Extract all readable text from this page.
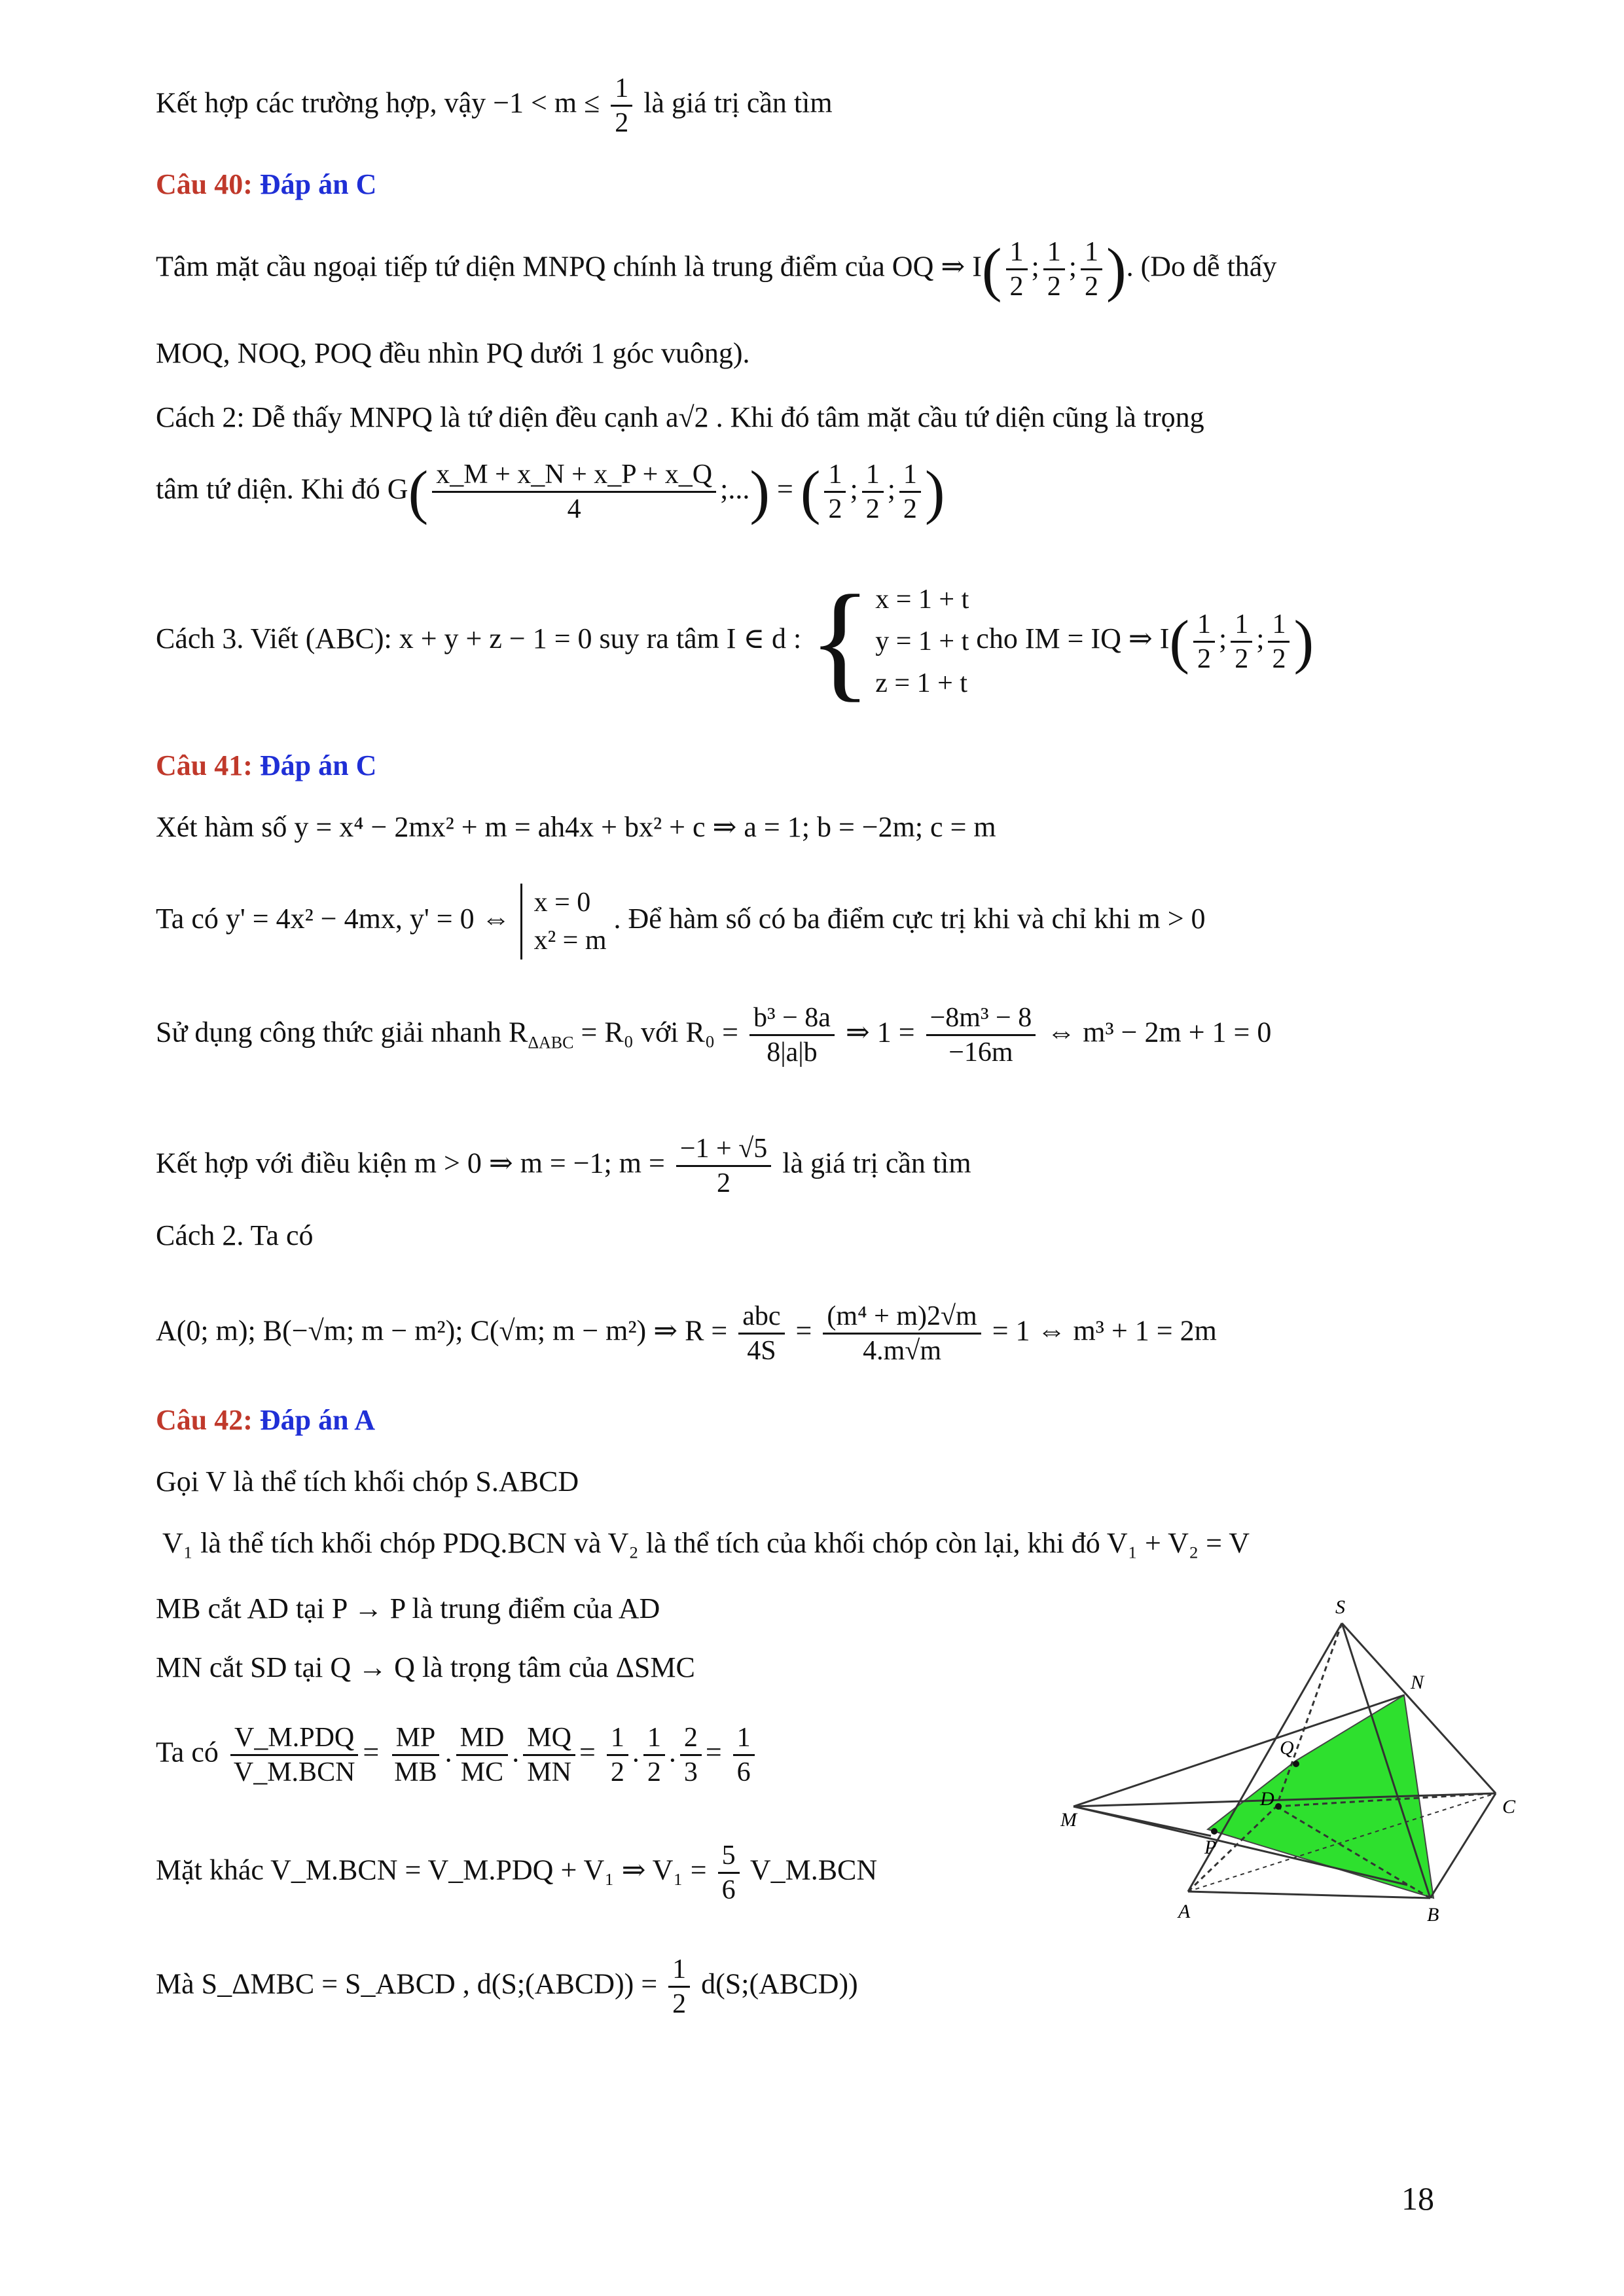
Kết hợp các trường hợp, vậy $-1 < m \le \frac{1}{2}$ là giá trị cần tìm
Câu 40: Đáp án C
Tâm mặt cầu ngoại tiếp tứ diện MNPQ chính là trung điểm của OQ ⇒ $I( \frac{1}{2}$ ; $\frac{1}{2}$ ; $\frac{1}{2}$ ). (Do dễ thấy
MOQ, NOQ, POQ đều nhìn PQ dưới 1 góc vuông).
Cách 2: Dễ thấy MNPQ là tứ diện đều cạnh a√2 . Khi đó tâm mặt cầu tứ diện cũng là trọng
tâm tứ diện. Khi đó $G( \frac{x\_M + x\_N + x\_P + x\_Q}{4}$ ;...) = ( $\frac{1}{2}$ ; $\frac{1}{2}$ ; $\frac{1}{2}$ )
Cách 3. Viết (ABC): x + y + z − 1 = 0 suy ra tâm I ∈ d : { x = 1 + t
y = 1 + t
z = 1 + t
cho IM = IQ ⇒ $I( \frac{1}{2}$ ; $\frac{1}{2}$ ; $\frac{1}{2}$ )
Câu 41: Đáp án C
Xét hàm số y = x⁴ − 2mx² + m = ah4x + bx² + c ⇒ a = 1; b = −2m; c = m
Ta có y' = 4x² − 4mx, y' = 0 ⇔
x = 0
x² = m
. Để hàm số có ba điểm cực trị khi và chỉ khi m > 0
Sử dụng công thức giải nhanh $R_{\Delta ABC} = R_0$ với $R_0 = \frac{\text{b³ − 8a}}{8|a|b}$ ⇒ $1 = \frac{\text{−8m³ − 8}}{-16m}$ ⇔ m³ − 2m + 1 = 0
Kết hợp với điều kiện m > 0 ⇒ m = −1; $m = \frac{-1 + √5}{2}$ là giá trị cần tìm
Cách 2. Ta có
A(0; m); B(−√m; m − m²); C(√m; m − m²) ⇒ $R = \frac{\text{abc}}{4S} = \frac{\text{(m⁴ + m)2√m}}{4.m√m} = 1$ ⇔ m³ + 1 = 2m
Câu 42: Đáp án A
Gọi V là thể tích khối chóp S.ABCD
V₁ là thể tích khối chóp PDQ.BCN và V₂ là thể tích của khối chóp còn lại, khi đó V₁ + V₂ = V
MB cắt AD tại P → P là trung điểm của AD
MN cắt SD tại Q → Q là trọng tâm của ΔSMC
Ta có $\frac{\text{V\_M.PDQ}}{\text{V\_M.BCN}} = \frac{MP}{MB}$ . $\frac{MD}{MC}$ . $\frac{MQ}{MN} = \frac{1}{2}$ . $\frac{1}{2}$ . $\frac{2}{3} = \frac{1}{6}$
Mặt khác V_M.BCN = V_M.PDQ + V₁ ⇒ $V_1 = \frac{5}{6}$ V_M.BCN
Mà S_ΔMBC = S_ABCD , d(S;(ABCD)) = $\frac{1}{2}$ d(S;(ABCD))
S
N
Q
D
M
C
P
A	B
18
